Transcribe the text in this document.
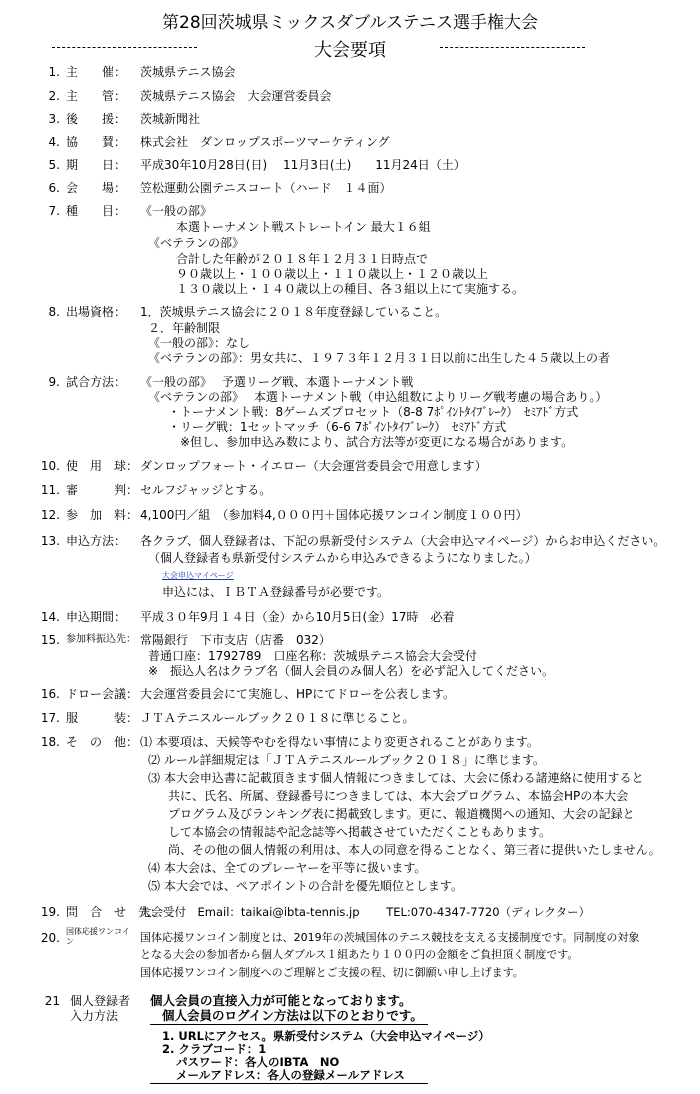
第28回茨城県ミックスダブルステニス選手権大会
大会要項
1. 主　　催：	茨城県テニス協会
2. 主　　管：	茨城県テニス協会　大会運営委員会
3. 後　　援：	茨城新聞社
4. 協　　賛：	株式会社　ダンロップスポーツマーケティング
5. 期　　日：	平成30年10月28日(日)　 11月3日(土)　　11月24日（土）
6. 会　　場：	笠松運動公園テニスコート（ハード　１４面）
7. 種　　目：	《一般の部》
本選トーナメント戦ストレートイン 最大１６組
《ベテランの部》
合計した年齢が２０１８年１２月３１日時点で
９０歳以上・１００歳以上・１１０歳以上・１２０歳以上
１３０歳以上・１４０歳以上の種目、各３組以上にて実施する。
8. 出場資格：	1．茨城県テニス協会に２０１８年度登録していること。
２．年齢制限
《一般の部》：なし
《ベテランの部》：男女共に、１９７３年１２月３１日以前に出生した４５歳以上の者
9. 試合方法：	《一般の部》　 予選リーグ戦、本選トーナメント戦
《ベテランの部》　 本選トーナメント戦（申込組数によりリーグ戦考慮の場合あり。）
・トーナメント戦：8ゲームズプロセット（8-8 7ﾎﾟｲﾝﾄﾀｲﾌﾞﾚｰｸ）　ｾﾐｱﾄﾞ方式
・リーグ戦：1セットマッチ（6-6 7ﾎﾟｲﾝﾄﾀｲﾌﾞﾚｰｸ）　ｾﾐｱﾄﾞ方式
※但し、参加申込み数により、試合方法等が変更になる場合があります。
10. 使　用　球： ダンロップフォート・イエロー（大会運営委員会で用意します）
11. 審　　　判： セルフジャッジとする。
12. 参　加　料： 4,100円／組　（参加料4,０００円＋国体応援ワンコイン制度１００円）
13. 申込方法：	各クラブ、個人登録者は、下記の県新受付システム（大会申込マイページ）からお申込ください。
（個人登録者も県新受付システムから申込みできるようになりました。）
大会申込マイページ
申込には、ＩＢＴＡ登録番号が必要です。
14. 申込期間：	平成３０年9月１４日（金）から10月5日(金）17時　必着
15. 参加料振込先： 常陽銀行　下市支店（店番　032）
普通口座：1792789　口座名称：茨城県テニス協会大会受付
※　振込人名はクラブ名（個人会員のみ個人名）を必ず記入してください。
16. ドロー会議： 大会運営委員会にて実施し、HPにてドローを公表します。
17. 服　　　装： ＪＴＡテニスルールブック２０１８に準じること。
18. そ　の　他： ⑴ 本要項は、天候等やむを得ない事情により変更されることがあります。
⑵ ルール詳細規定は「ＪＴＡテニスルールブック２０１８」に準じます。
⑶ 本大会申込書に記載頂きます個人情報につきましては、大会に係わる諸連絡に使用すると
共に、氏名、所属、登録番号につきましては、本大会プログラム、本協会HPの本大会
プログラム及びランキング表に掲載致します。更に、報道機関への通知、大会の記録と
して本協会の情報誌や記念誌等へ掲載させていただくこともあります。
尚、その他の個人情報の利用は、本人の同意を得ることなく、第三者に提供いたしません。
⑷ 本大会は、全てのプレーヤーを平等に扱います。
⑸ 本大会では、ペアポイントの合計を優先順位とします。
19. 問　合　せ　先：
大会受付　Email：taikai@ibta-tennis.jp　　 TEL:070-4347-7720（ディレクター）
20. 国体応援ワンコイン	国体応援ワンコイン制度とは、2019年の茨城国体のテニス競技を支える支援制度です。同制度の対象
となる大会の参加者から個人ダブルス１組あたり１００円の金額をご負担頂く制度です。
国体応援ワンコイン制度へのご理解とご支援の程、切に御願い申し上げます。
21 個人登録者	個人会員の直接入力が可能となっております。
入力方法	個人会員のログイン方法は以下のとおりです。
1. URLにアクセス。県新受付システム（大会申込マイページ）
2. クラブコード：1
パスワード：各人のIBTA　NO
メールアドレス：各人の登録メールアドレス
